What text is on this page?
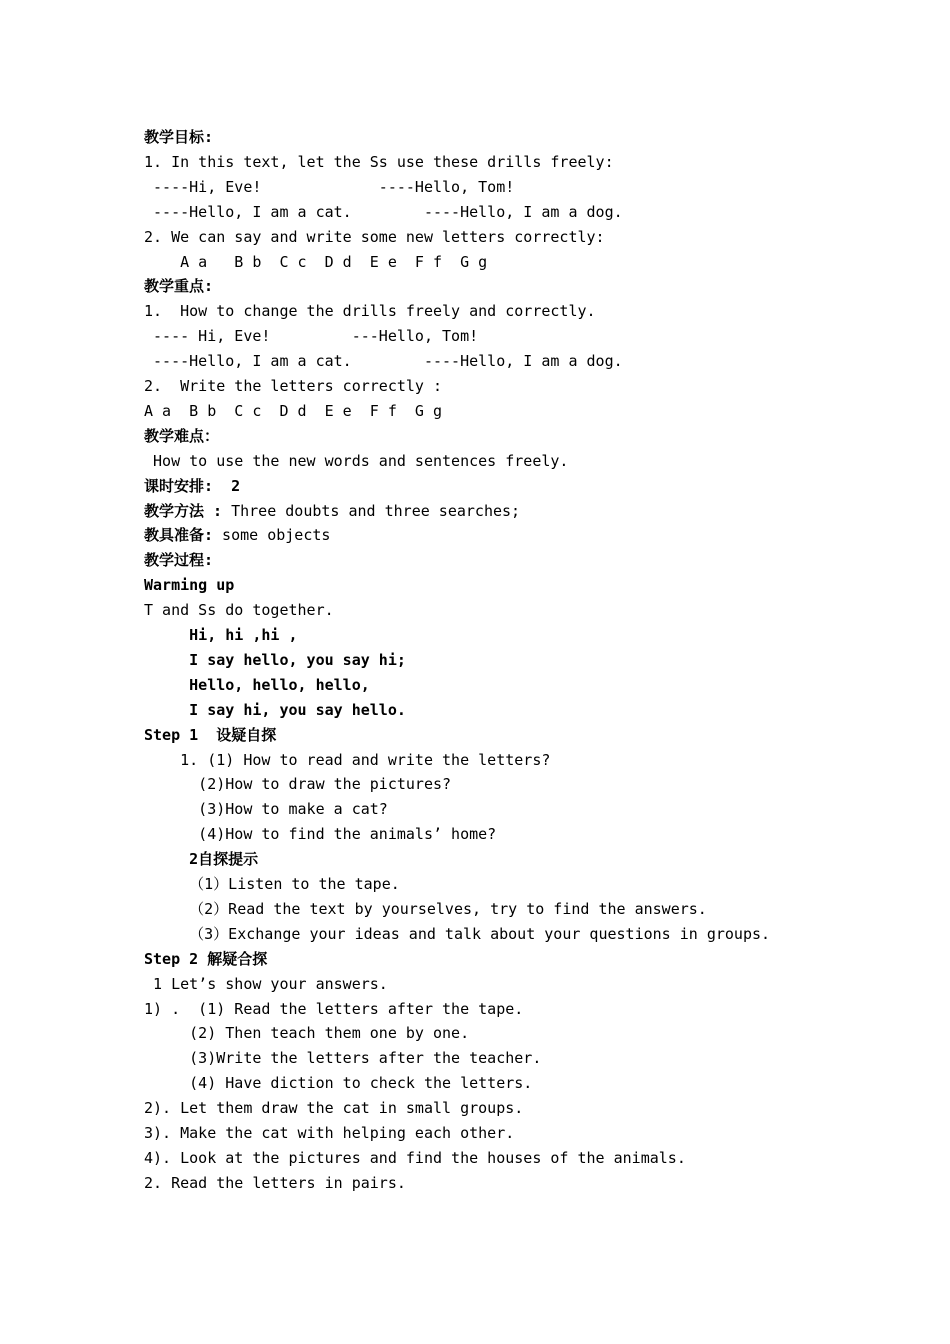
教学目标:
1. In this text, let the Ss use these drills freely:
----Hi, Eve!             ----Hello, Tom!
----Hello, I am a cat.        ----Hello, I am a dog.
2. We can say and write some new letters correctly:
A a   B b  C c  D d  E e  F f  G g
教学重点:
1.  How to change the drills freely and correctly.
---- Hi, Eve!         ---Hello, Tom!
----Hello, I am a cat.        ----Hello, I am a dog.
2.  Write the letters correctly :
A a  B b  C c  D d  E e  F f  G g
教学难点：
How to use the new words and sentences freely.
课时安排:  2
教学方法 : Three doubts and three searches;
教具准备: some objects
教学过程:
Warming up
T and Ss do together.
Hi, hi ,hi ,
I say hello, you say hi;
Hello, hello, hello,
I say hi, you say hello.
Step 1  设疑自探
1. (1) How to read and write the letters?
(2)How to draw the pictures?
(3)How to make a cat?
(4)How to find the animals’ home?
2自探提示
（1）Listen to the tape.
（2）Read the text by yourselves, try to find the answers.
（3）Exchange your ideas and talk about your questions in groups.
Step 2 解疑合探
1 Let’s show your answers.
1) .  (1) Read the letters after the tape.
(2) Then teach them one by one.
(3)Write the letters after the teacher.
(4) Have diction to check the letters.
2). Let them draw the cat in small groups.
3). Make the cat with helping each other.
4). Look at the pictures and find the houses of the animals.
2. Read the letters in pairs.
